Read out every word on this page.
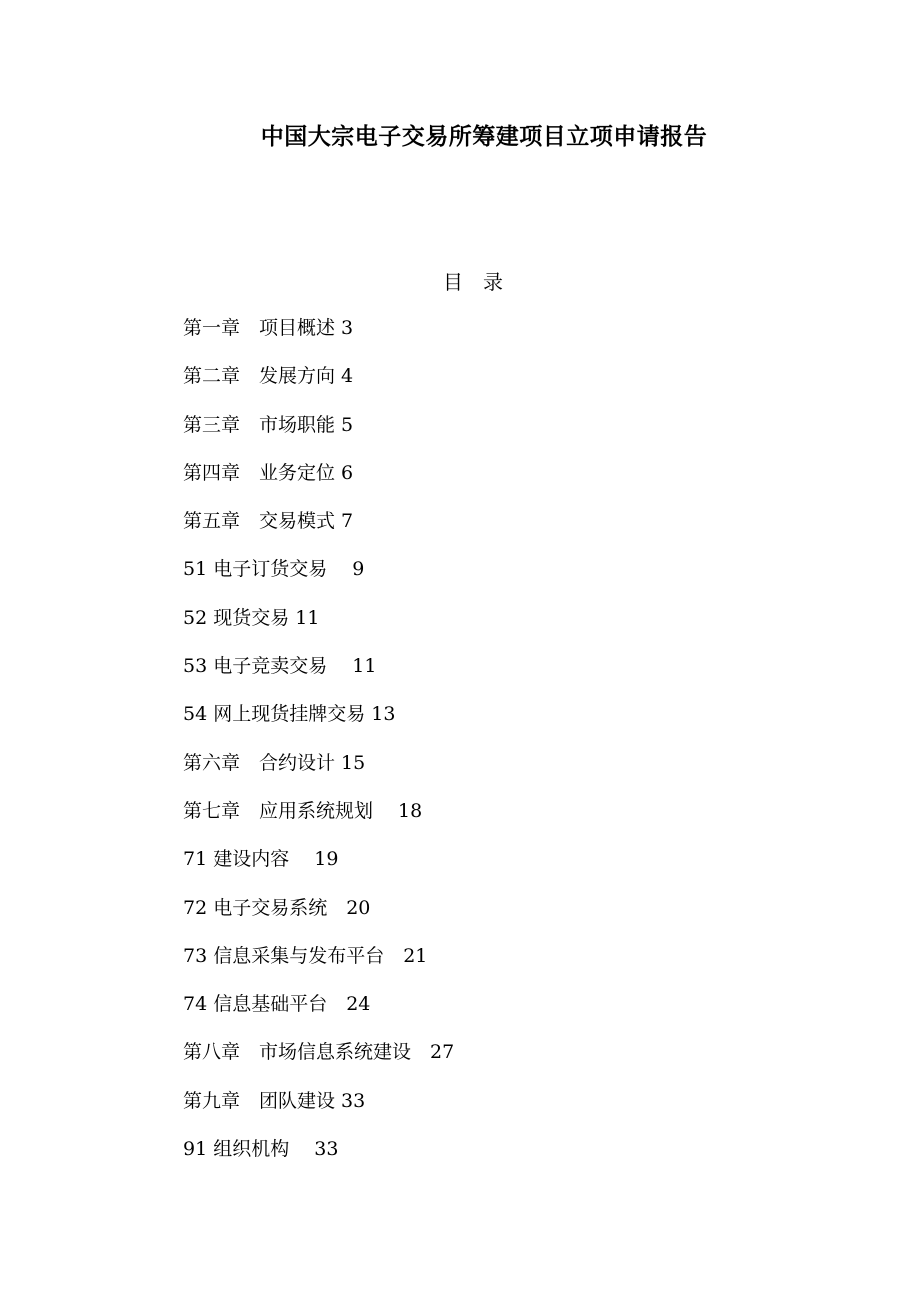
中国大宗电子交易所筹建项目立项申请报告
目　录
第一章　项目概述 3
第二章　发展方向 4
第三章　市场职能 5
第四章　业务定位 6
第五章　交易模式 7
51 电子订货交易　 9
52 现货交易 11
53 电子竞卖交易　 11
54 网上现货挂牌交易 13
第六章　合约设计 15
第七章　应用系统规划　 18
71 建设内容　 19
72 电子交易系统　20
73 信息采集与发布平台　21
74 信息基础平台　24
第八章　市场信息系统建设　27
第九章　团队建设 33
91 组织机构　 33
